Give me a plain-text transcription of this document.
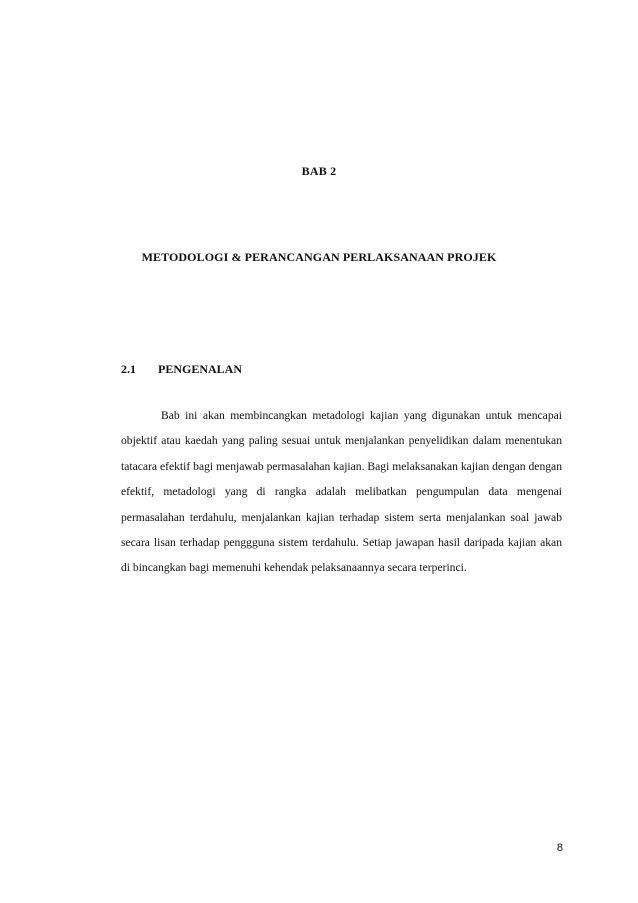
BAB 2
METODOLOGI & PERANCANGAN PERLAKSANAAN PROJEK
2.1 PENGENALAN

Bab ini akan membincangkan metadologi kajian yang digunakan untuk mencapai objektif atau kaedah yang paling sesuai untuk menjalankan penyelidikan dalam menentukan tatacara efektif bagi menjawab permasalahan kajian. Bagi melaksanakan kajian dengan dengan efektif, metadologi yang di rangka adalah melibatkan pengumpulan data mengenai permasalahan terdahulu, menjalankan kajian terhadap sistem serta menjalankan soal jawab secara lisan terhadap penggguna sistem terdahulu. Setiap jawapan hasil daripada kajian akan di bincangkan bagi memenuhi kehendak pelaksanaannya secara terperinci.

8
